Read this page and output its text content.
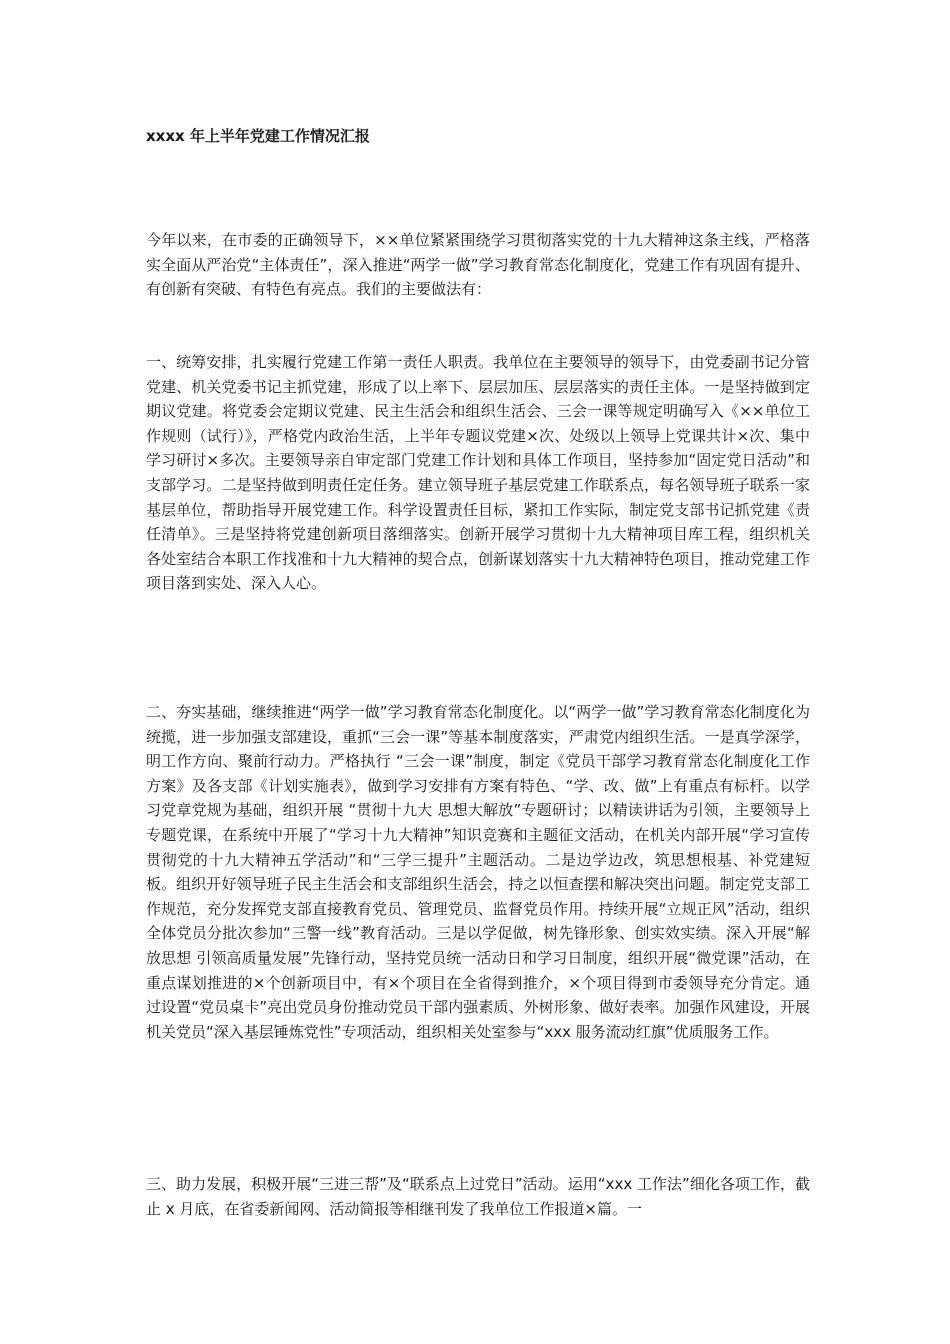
xxxx 年上半年党建工作情况汇报

今年以来，在市委的正确领导下，××单位紧紧围绕学习贯彻落实党的十九大精神这条主线，严格落实全面从严治党“主体责任”，深入推进“两学一做”学习教育常态化制度化，党建工作有巩固有提升、有创新有突破、有特色有亮点。我们的主要做法有：

一、统筹安排，扎实履行党建工作第一责任人职责。我单位在主要领导的领导下，由党委副书记分管党建、机关党委书记主抓党建，形成了以上率下、层层加压、层层落实的责任主体。一是坚持做到定期议党建。将党委会定期议党建、民主生活会和组织生活会、三会一课等规定明确写入《××单位工作规则（试行）》，严格党内政治生活，上半年专题议党建×次、处级以上领导上党课共计×次、集中学习研讨×多次。主要领导亲自审定部门党建工作计划和具体工作项目，坚持参加“固定党日活动”和支部学习。二是坚持做到明责任定任务。建立领导班子基层党建工作联系点，每名领导班子联系一家基层单位，帮助指导开展党建工作。科学设置责任目标，紧扣工作实际，制定党支部书记抓党建《责任清单》。三是坚持将党建创新项目落细落实。创新开展学习贯彻十九大精神项目库工程，组织机关各处室结合本职工作找准和十九大精神的契合点，创新谋划落实十九大精神特色项目，推动党建工作项目落到实处、深入人心。

二、夯实基础，继续推进“两学一做”学习教育常态化制度化。以“两学一做”学习教育常态化制度化为统揽，进一步加强支部建设，重抓“三会一课”等基本制度落实，严肃党内组织生活。一是真学深学，明工作方向、聚前行动力。严格执行 “三会一课”制度，制定《党员干部学习教育常态化制度化工作方案》及各支部《计划实施表》，做到学习安排有方案有特色、“学、改、做”上有重点有标杆。以学习党章党规为基础，组织开展 “贯彻十九大 思想大解放”专题研讨；以精读讲话为引领，主要领导上专题党课，在系统中开展了“学习十九大精神”知识竞赛和主题征文活动，在机关内部开展“学习宣传贯彻党的十九大精神五学活动”和“三学三提升”主题活动。二是边学边改，筑思想根基、补党建短板。组织开好领导班子民主生活会和支部组织生活会，持之以恒查摆和解决突出问题。制定党支部工作规范，充分发挥党支部直接教育党员、管理党员、监督党员作用。持续开展“立规正风”活动，组织全体党员分批次参加“三警一线”教育活动。三是以学促做，树先锋形象、创实效实绩。深入开展“解放思想 引领高质量发展”先锋行动，坚持党员统一活动日和学习日制度，组织开展“微党课”活动，在重点谋划推进的×个创新项目中，有×个项目在全省得到推介，×个项目得到市委领导充分肯定。通过设置“党员桌卡”亮出党员身份推动党员干部内强素质、外树形象、做好表率。加强作风建设，开展机关党员“深入基层锤炼党性”专项活动，组织相关处室参与“xxx 服务流动红旗”优质服务工作。

三、助力发展，积极开展“三进三帮”及“联系点上过党日”活动。运用“xxx 工作法”细化各项工作，截止 x 月底，在省委新闻网、活动简报等相继刊发了我单位工作报道×篇。一
